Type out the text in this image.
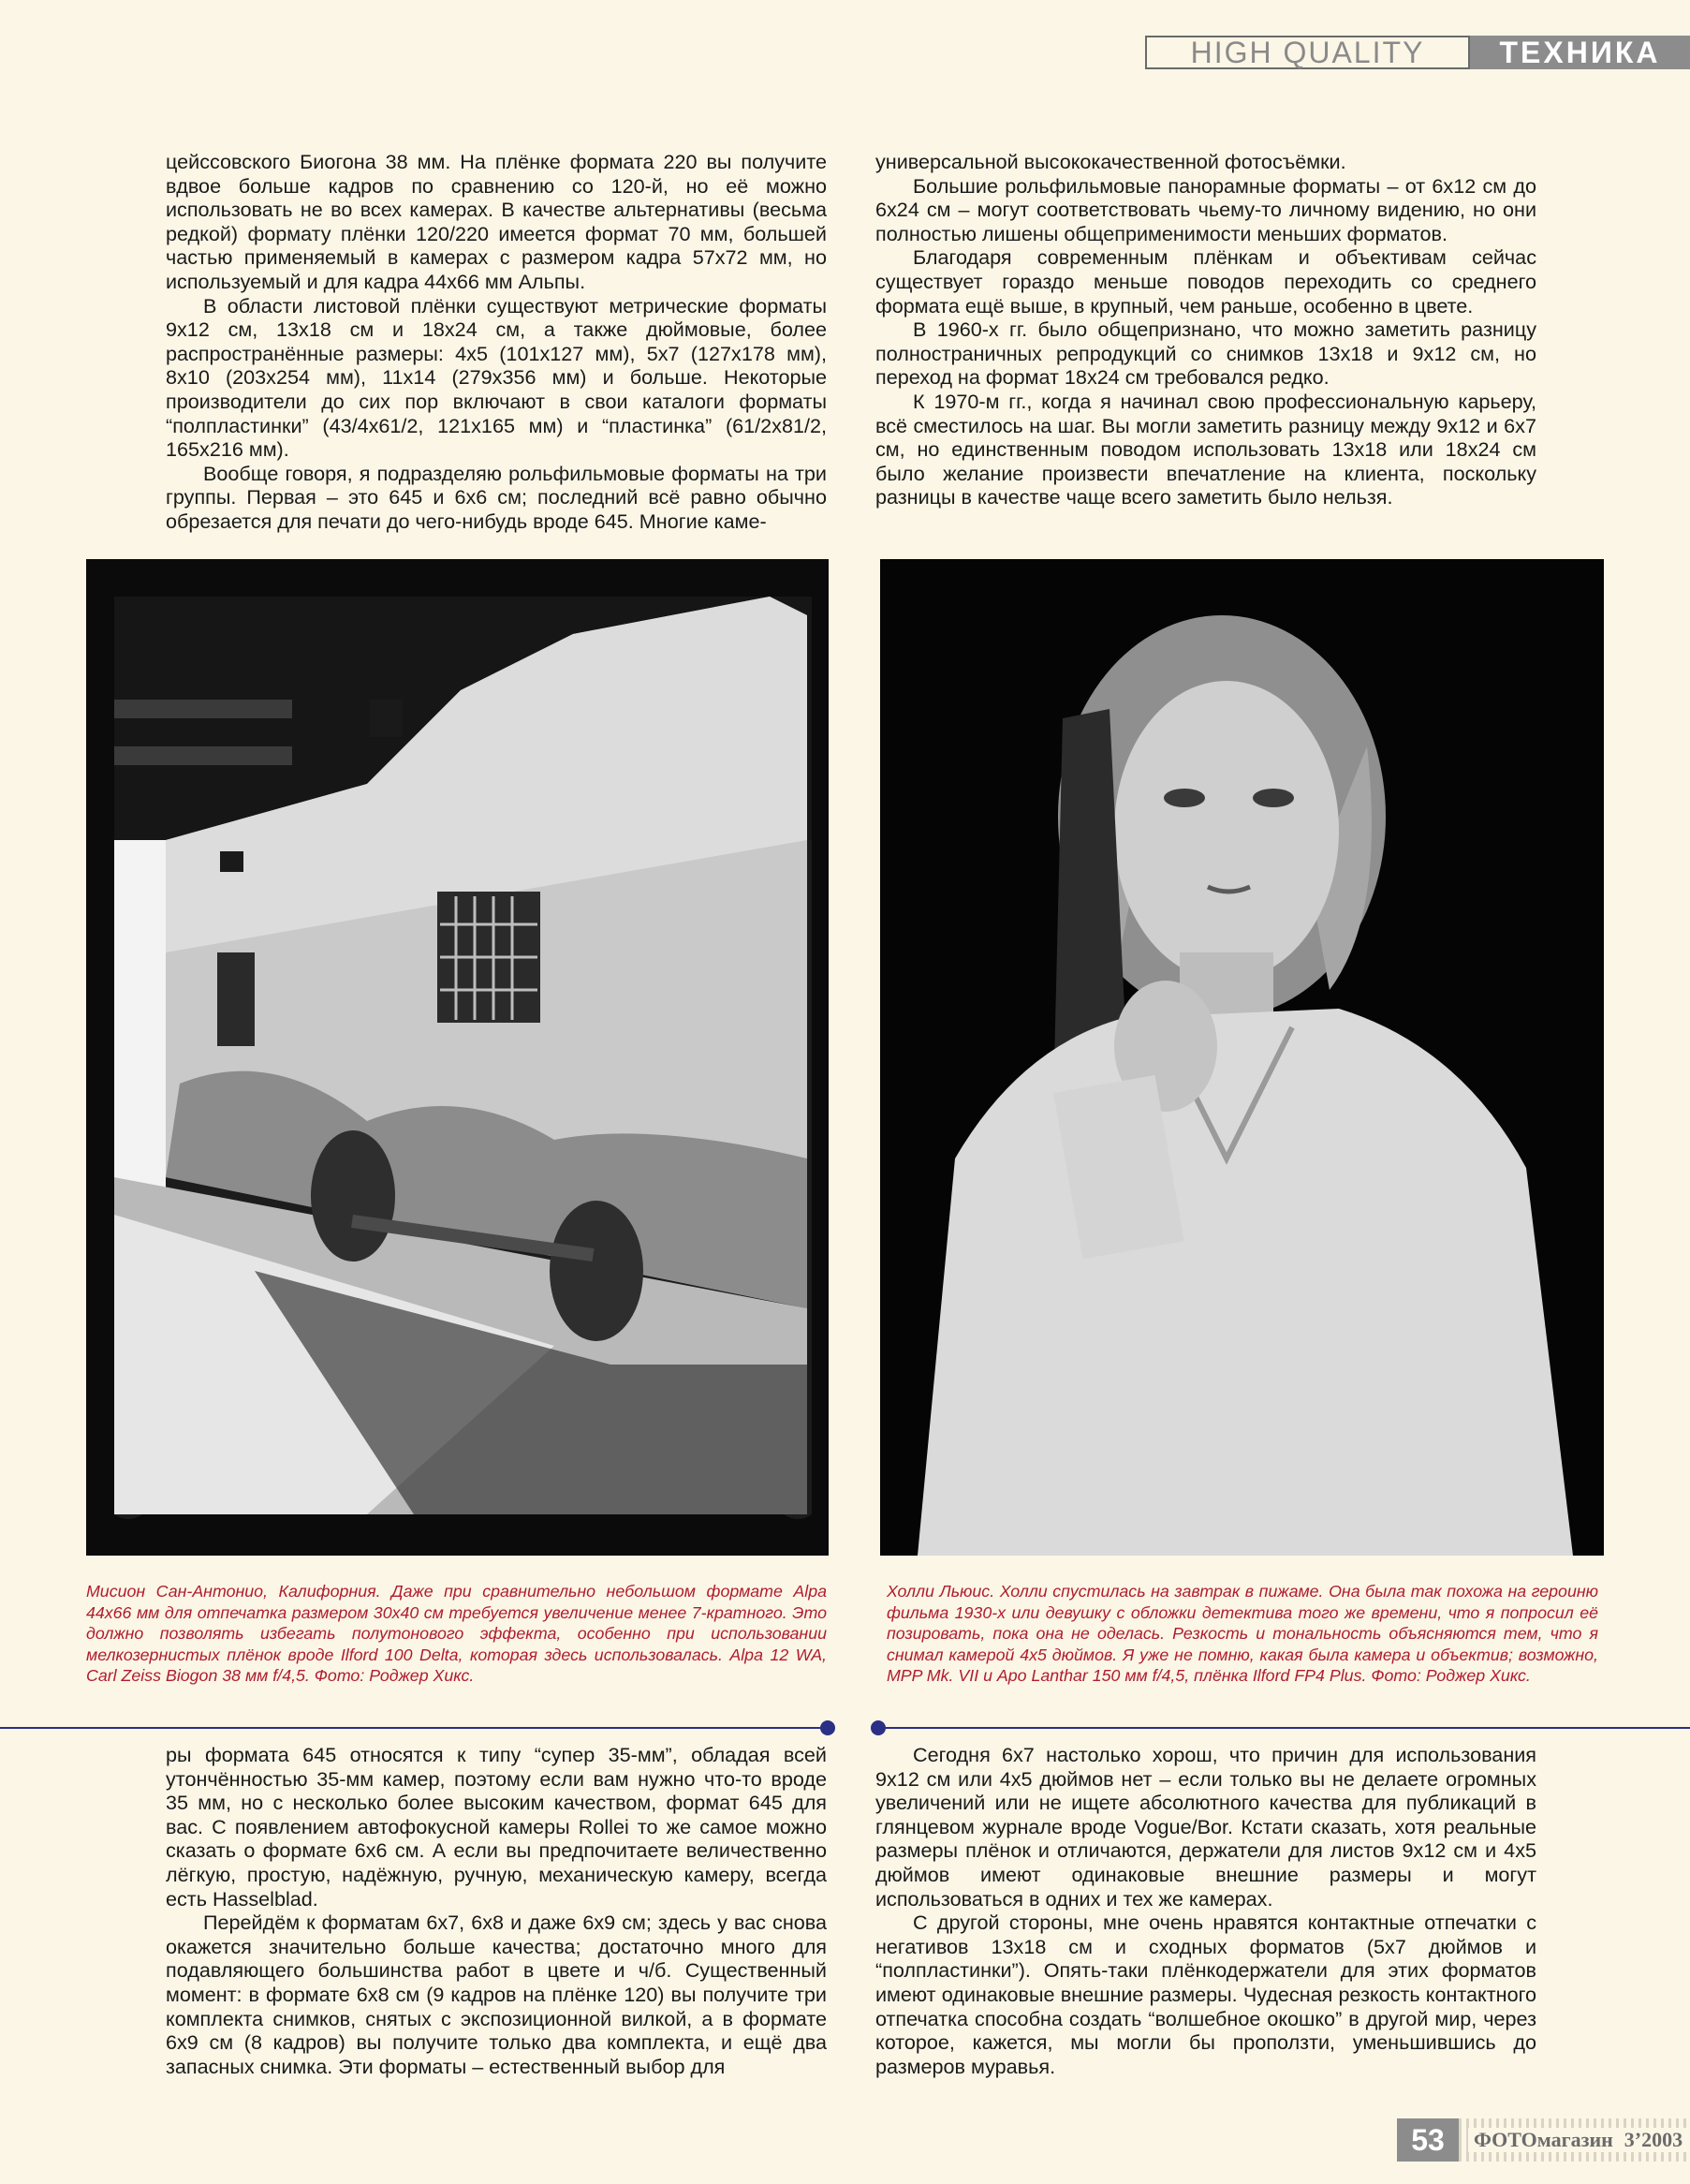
HIGH QUALITY	ТЕХНИКА

цейссовского Биогона 38 мм. На плёнке формата 220 вы получите вдвое больше кадров по сравнению со 120-й, но её можно использовать не во всех камерах. В качестве альтернативы (весьма редкой) формату плёнки 120/220 имеется формат 70 мм, большей частью применяемый в камерах с размером кадра 57х72 мм, но используемый и для кадра 44х66 мм Альпы.

В области листовой плёнки существуют метрические форматы 9x12 см, 13x18 см и 18x24 см, а также дюймовые, более распространённые размеры: 4x5 (101x127 мм), 5x7 (127x178 мм), 8x10 (203x254 мм), 11x14 (279x356 мм) и больше. Некоторые производители до сих пор включают в свои каталоги форматы “полпластинки” (43/4x61/2, 121x165 мм) и “пластинка” (61/2x81/2, 165x216 мм).

Вообще говоря, я подразделяю рольфильмовые форматы на три группы. Первая – это 645 и 6x6 см; последний всё равно обычно обрезается для печати до чего-нибудь вроде 645. Многие каме-

универсальной высококачественной фотосъёмки.

Большие рольфильмовые панорамные форматы – от 6x12 см до 6x24 см – могут соответствовать чьему-то личному видению, но они полностью лишены общеприменимости меньших форматов.

Благодаря современным плёнкам и объективам сейчас существует гораздо меньше поводов переходить со среднего формата ещё выше, в крупный, чем раньше, особенно в цвете.

В 1960-х гг. было общепризнано, что можно заметить разницу полностраничных репродукций со снимков 13x18 и 9x12 см, но переход на формат 18x24 см требовался редко.

К 1970-м гг., когда я начинал свою профессиональную карьеру, всё сместилось на шаг. Вы могли заметить разницу между 9x12 и 6x7 см, но единственным поводом использовать 13x18 или 18x24 см было желание произвести впечатление на клиента, поскольку разницы в качестве чаще всего заметить было нельзя.

Мисион Сан-Антонио, Калифорния. Даже при сравнительно небольшом формате Alpa 44x66 мм для отпечатка размером 30x40 см требуется увеличение менее 7-кратного. Это должно позволять избегать полутонового эффекта, особенно при использовании мелкозернистых плёнок вроде Ilford 100 Delta, которая здесь использовалась. Alpa 12 WA, Carl Zeiss Biogon 38 мм f/4,5. Фото: Роджер Хикс.
Холли Льюис. Холли спустилась на завтрак в пижаме. Она была так похожа на героиню фильма 1930-х или девушку с обложки детектива того же времени, что я попросил её позировать, пока она не оделась. Резкость и тональность объясняются тем, что я снимал камерой 4x5 дюймов. Я уже не помню, какая была камера и объектив; возможно, MPP Mk. VII и Apo Lanthar 150 мм f/4,5, плёнка Ilford FP4 Plus. Фото: Роджер Хикс.

ры формата 645 относятся к типу “супер 35-мм”, обладая всей утончённостью 35-мм камер, поэтому если вам нужно что-то вроде 35 мм, но с несколько более высоким качеством, формат 645 для вас. С появлением автофокусной камеры Rollei то же самое можно сказать о формате 6x6 см. А если вы предпочитаете величественно лёгкую, простую, надёжную, ручную, механическую камеру, всегда есть Hasselblad.

Перейдём к форматам 6x7, 6x8 и даже 6x9 см; здесь у вас снова окажется значительно больше качества; достаточно много для подавляющего большинства работ в цвете и ч/б. Существенный момент: в формате 6x8 см (9 кадров на плёнке 120) вы получите три комплекта снимков, снятых с экспозиционной вилкой, а в формате 6x9 см (8 кадров) вы получите только два комплекта, и ещё два запасных снимка. Эти форматы – естественный выбор для

Сегодня 6x7 настолько хорош, что причин для использования 9x12 см или 4x5 дюймов нет – если только вы не делаете огромных увеличений или не ищете абсолютного качества для публикаций в глянцевом журнале вроде Vogue/Bor. Кстати сказать, хотя реальные размеры плёнок и отличаются, держатели для листов 9x12 см и 4x5 дюймов имеют одинаковые внешние размеры и могут использоваться в одних и тех же камерах.

С другой стороны, мне очень нравятся контактные отпечатки с негативов 13x18 см и сходных форматов (5x7 дюймов и “полпластинки”). Опять-таки плёнкодержатели для этих форматов имеют одинаковые внешние размеры. Чудесная резкость контактного отпечатка способна создать “волшебное окошко” в другой мир, через которое, кажется, мы могли бы проползти, уменьшившись до размеров муравья.

53	ФОТОмагазин 3’2003
